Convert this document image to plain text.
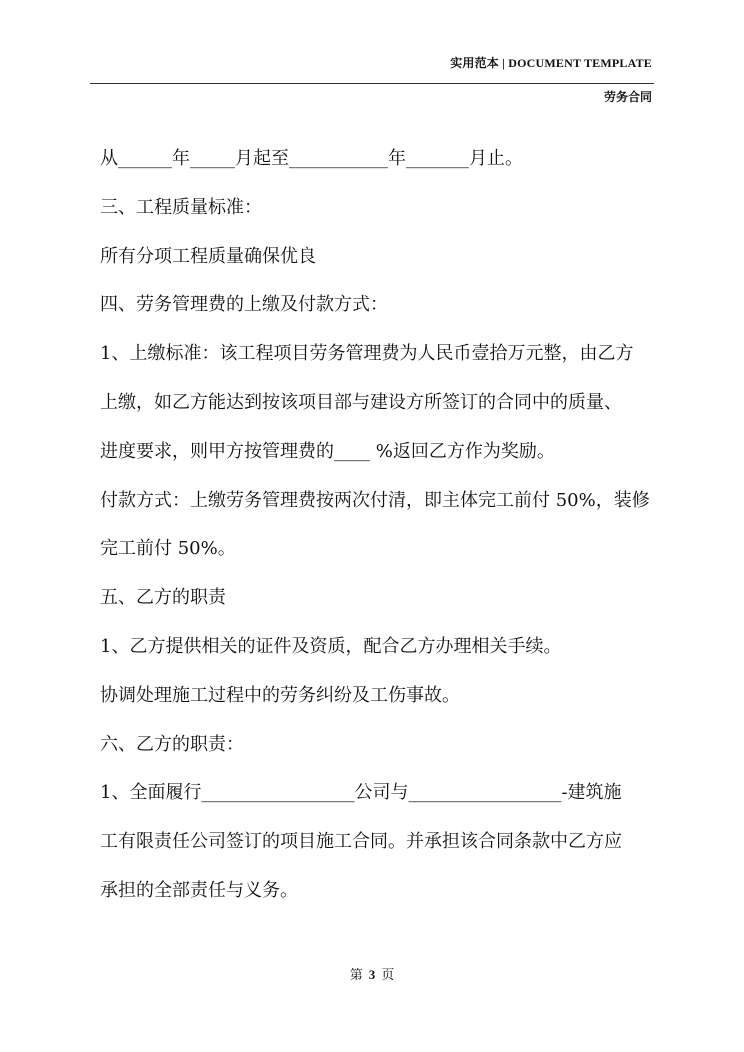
实用范本 | DOCUMENT TEMPLATE
劳务合同

从______年_____月起至___________年_______月止。

三、工程质量标准：

所有分项工程质量确保优良

四、劳务管理费的上缴及付款方式：

1、上缴标准：该工程项目劳务管理费为人民币壹拾万元整，由乙方

上缴，如乙方能达到按该项目部与建设方所签订的合同中的质量、

进度要求，则甲方按管理费的____ %返回乙方作为奖励。

付款方式：上缴劳务管理费按两次付清，即主体完工前付 50%，装修

完工前付 50%。

五、乙方的职责

1、乙方提供相关的证件及资质，配合乙方办理相关手续。

协调处理施工过程中的劳务纠纷及工伤事故。

六、乙方的职责：

1、全面履行_________________公司与_________________-建筑施

工有限责任公司签订的项目施工合同。并承担该合同条款中乙方应

承担的全部责任与义务。

第 3 页
